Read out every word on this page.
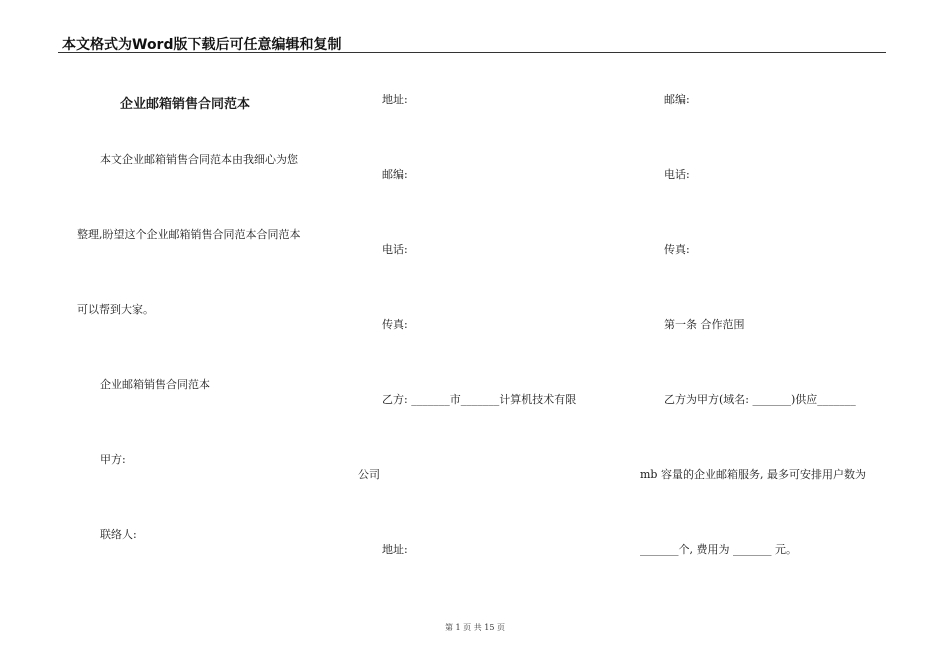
本文格式为Word版下载后可任意编辑和复制
企业邮箱销售合同范本
本文企业邮箱销售合同范本由我细心为您
整理,盼望这个企业邮箱销售合同范本合同范本
可以帮到大家。
企业邮箱销售合同范本
甲方:
联络人:
地址:
邮编:
电话:
传真:
乙方: _______市_______计算机技术有限
公司
地址:
邮编:
电话:
传真:
第一条 合作范围
乙方为甲方(域名: _______)供应_______
mb 容量的企业邮箱服务, 最多可安排用户数为
_______个, 费用为 _______ 元。
第 1 页 共 15 页
